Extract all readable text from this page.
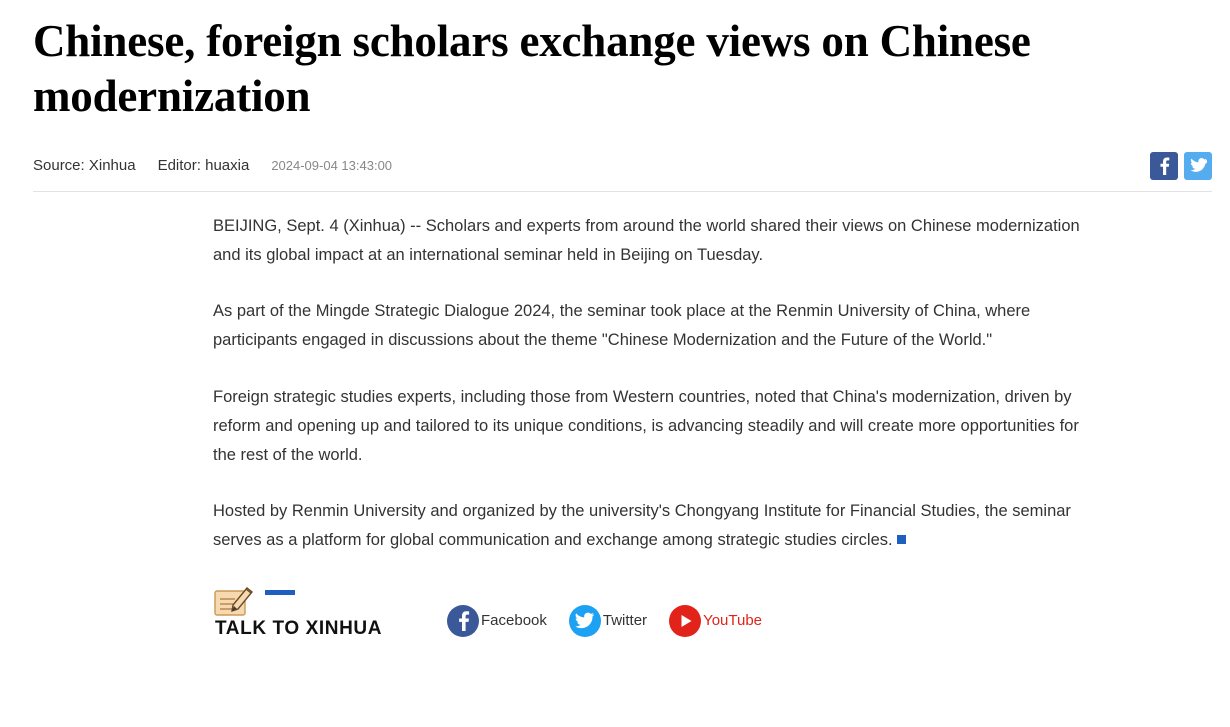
Chinese, foreign scholars exchange views on Chinese modernization
Source: Xinhua Editor: huaxia 2024-09-04 13:43:00

BEIJING, Sept. 4 (Xinhua) -- Scholars and experts from around the world shared their views on Chinese modernization and its global impact at an international seminar held in Beijing on Tuesday.

As part of the Mingde Strategic Dialogue 2024, the seminar took place at the Renmin University of China, where participants engaged in discussions about the theme "Chinese Modernization and the Future of the World."

Foreign strategic studies experts, including those from Western countries, noted that China's modernization, driven by reform and opening up and tailored to its unique conditions, is advancing steadily and will create more opportunities for the rest of the world.

Hosted by Renmin University and organized by the university's Chongyang Institute for Financial Studies, the seminar serves as a platform for global communication and exchange among strategic studies circles.

TALK TO XINHUA	Facebook	Twitter	YouTube
